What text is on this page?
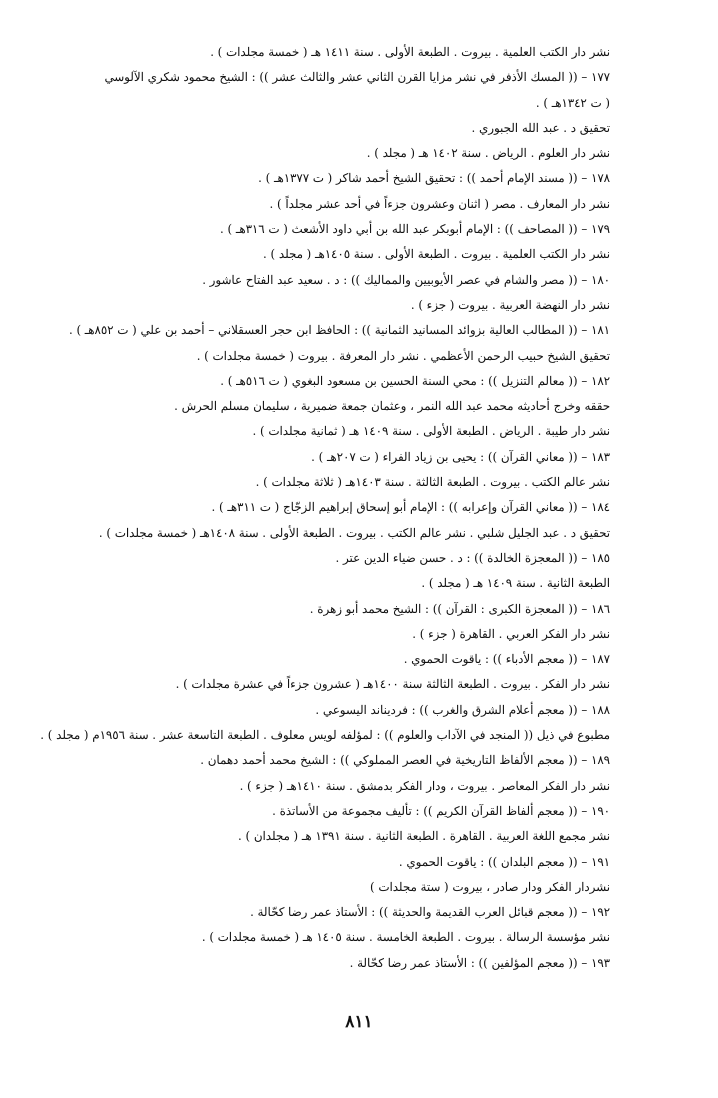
نشر دار الكتب العلمية . بيروت . الطبعة الأولى . سنة ١٤١١ هـ ( خمسة مجلدات ) .
١٧٧ – (( المسك الأذفر في نشر مزايا القرن الثاني عشر والثالث عشر )) : الشيخ محمود شكري الآلوسي
( ت ١٣٤٢هـ ) .
تحقيق د . عبد الله الجبوري .
نشر دار العلوم . الرياض . سنة ١٤٠٢ هـ ( مجلد ) .
١٧٨ – (( مسند الإمام أحمد )) : تحقيق الشيخ أحمد شاكر ( ت ١٣٧٧هـ ) .
نشر دار المعارف . مصر ( اثنان وعشرون جزءاً في أحد عشر مجلداً ) .
١٧٩ – (( المصاحف )) : الإمام أبوبكر عبد الله بن أبي داود الأشعث ( ت ٣١٦هـ ) .
نشر دار الكتب العلمية . بيروت . الطبعة الأولى . سنة ١٤٠٥هـ ( مجلد ) .
١٨٠ – (( مصر والشام في عصر الأيوبيين والمماليك )) : د . سعيد عبد الفتاح عاشور .
نشر دار النهضة العربية . بيروت ( جزء ) .
١٨١ – (( المطالب العالية بزوائد المسانيد الثمانية )) : الحافظ ابن حجر العسقلاني – أحمد بن علي ( ت ٨٥٢هـ ) .
تحقيق الشيخ حبيب الرحمن الأعظمي . نشر دار المعرفة . بيروت ( خمسة مجلدات ) .
١٨٢ – (( معالم التنزيل )) : محي السنة الحسين بن مسعود البغوي ( ت ٥١٦هـ ) .
حققه وخرج أحاديثه محمد عبد الله النمر ، وعثمان جمعة ضميرية ، سليمان مسلم الحرش .
نشر دار طيبة . الرياض . الطبعة الأولى . سنة ١٤٠٩ هـ ( ثمانية مجلدات ) .
١٨٣ – (( معاني القرآن )) : يحيى بن زياد الفراء ( ت ٢٠٧هـ ) .
نشر عالم الكتب . بيروت . الطبعة الثالثة . سنة ١٤٠٣هـ ( ثلاثة مجلدات ) .
١٨٤ – (( معاني القرآن وإعرابه )) : الإمام أبو إسحاق إبراهيم الزجّاج ( ت ٣١١هـ ) .
تحقيق د . عبد الجليل شلبي . نشر عالم الكتب . بيروت . الطبعة الأولى . سنة ١٤٠٨هـ ( خمسة مجلدات ) .
١٨٥ – (( المعجزة الخالدة )) : د . حسن ضياء الدين عتر .
الطبعة الثانية . سنة ١٤٠٩ هـ ( مجلد ) .
١٨٦ – (( المعجزة الكبرى : القرآن )) : الشيخ محمد أبو زهرة .
نشر دار الفكر العربي . القاهرة ( جزء ) .
١٨٧ – (( معجم الأدباء )) : ياقوت الحموي .
نشر دار الفكر . بيروت . الطبعة الثالثة سنة ١٤٠٠هـ ( عشرون جزءاً في عشرة مجلدات ) .
١٨٨ – (( معجم أعلام الشرق والغرب )) : فرديناند اليسوعي .
مطبوع في ذيل (( المنجد في الآداب والعلوم )) : لمؤلفه لويس معلوف . الطبعة التاسعة عشر . سنة ١٩٥٦م ( مجلد ) .
١٨٩ – (( معجم الألفاظ التاريخية في العصر المملوكي )) : الشيخ محمد أحمد دهمان .
نشر دار الفكر المعاصر . بيروت ، ودار الفكر بدمشق . سنة ١٤١٠هـ ( جزء ) .
١٩٠ – (( معجم ألفاظ القرآن الكريم )) : تأليف مجموعة من الأساتذة .
نشر مجمع اللغة العربية . القاهرة . الطبعة الثانية . سنة ١٣٩١ هـ ( مجلدان ) .
١٩١ – (( معجم البلدان )) : ياقوت الحموي .
نشردار الفكر ودار صادر ، بيروت ( ستة مجلدات )
١٩٢ – (( معجم قبائل العرب القديمة والحديثة )) : الأستاذ عمر رضا كحّالة .
نشر مؤسسة الرسالة . بيروت . الطبعة الخامسة . سنة ١٤٠٥ هـ ( خمسة مجلدات ) .
١٩٣ – (( معجم المؤلفين )) : الأستاذ عمر رضا كحّالة .
٨١١
